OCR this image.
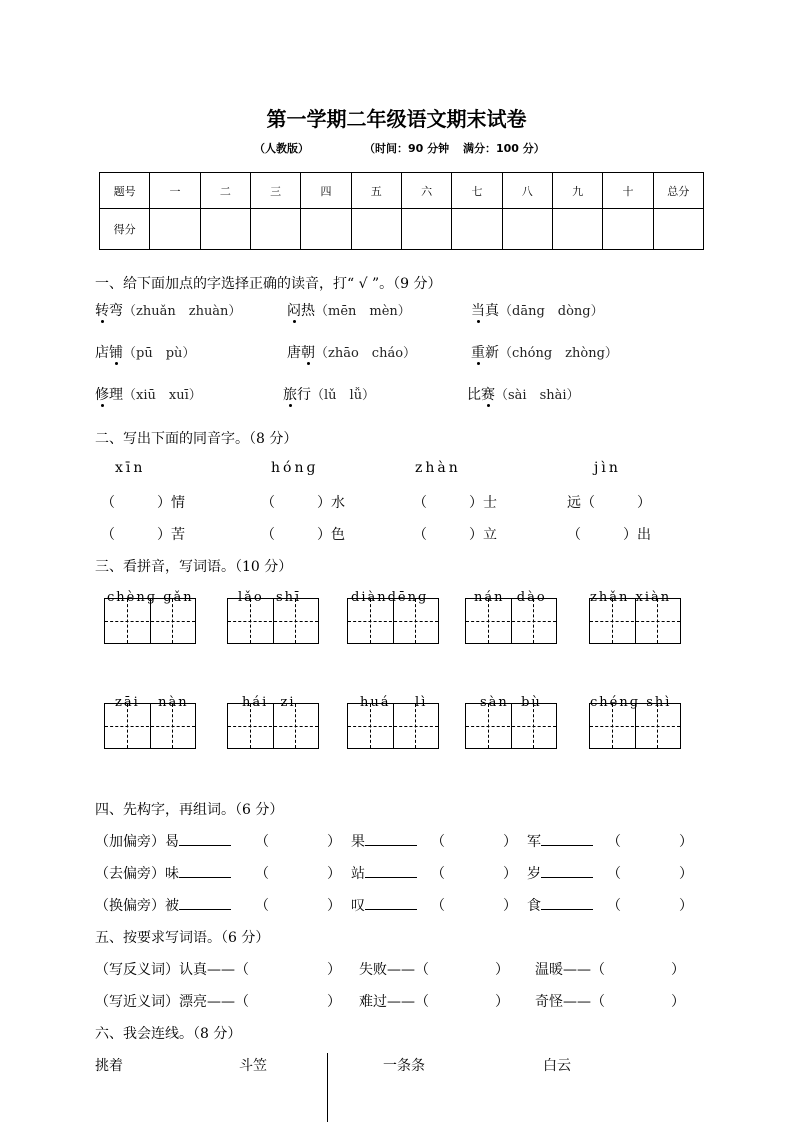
第一学期二年级语文期末试卷
（人教版）	（时间：90 分钟 满分：100 分）
题号	一	二	三	四	五	六	七	八	九	十	总分
得分											
一、给下面加点的字选择正确的读音，打“ √ ”。（9 分）
转弯（zhuǎn　zhuàn）	闷热（mēn　mèn）	当真（dāng　dòng）
店铺（pū　pù）	唐朝（zhāo　cháo）	重新（chóng　zhòng）
修理（xiū　xuī）	旅行（lǔ　lǚ）	比赛（sài　shài）
二、写出下面的同音字。（8 分）
xīn	hónɡ	zhàn	jìn
（　　　）情	（　　　）水	（　　　）士	远（　　　）
（　　　）苦	（　　　）色	（　　　）立	（　　　）出
三、看拼音，写词语。（10 分）
chènɡ ɡǎn	lǎo shī	diàndēnɡ	nán dào	zhǎn xiàn
zāi nàn	hái zi	huá lì	sàn bù	chénɡ shì
四、先构字，再组词。（6 分）
（加偏旁）曷	（	） 果	（	） 军	（	）
（去偏旁）味	（	） 站	（	） 岁	（	）
（换偏旁）被	（	） 叹	（	） 食	（	）
五、按要求写词语。（6 分）
（写反义词）认真——（	） 失败——（	） 温暖——（	）
（写近义词）漂亮——（	） 难过——（	） 奇怪——（	）
六、我会连线。（8 分）
挑着	斗笠	一条条	白云
